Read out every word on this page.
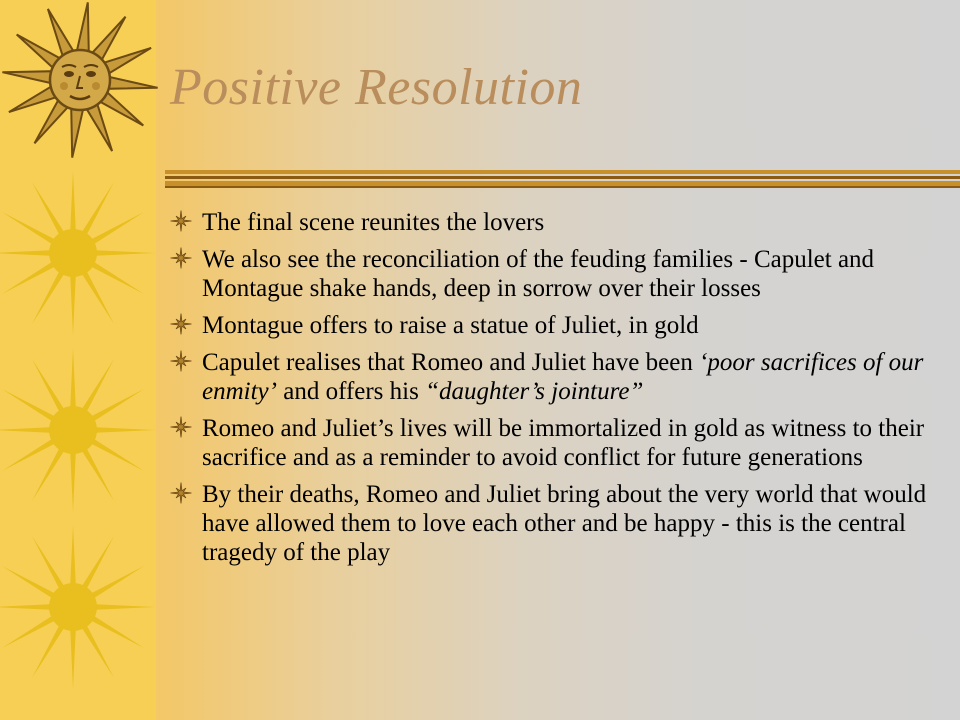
Positive Resolution
The final scene reunites the lovers
We also see the reconciliation of the feuding families - Capulet and Montague shake hands, deep in sorrow over their losses
Montague offers to raise a statue of Juliet, in gold
Capulet realises that Romeo and Juliet have been ‘poor sacrifices of our enmity’ and offers his “daughter’s jointure”
Romeo and Juliet’s lives will be immortalized in gold as witness to their sacrifice and as a reminder to avoid conflict for future generations
By their deaths, Romeo and Juliet bring about the very world that would have allowed them to love each other and be happy - this is the central tragedy of the play
